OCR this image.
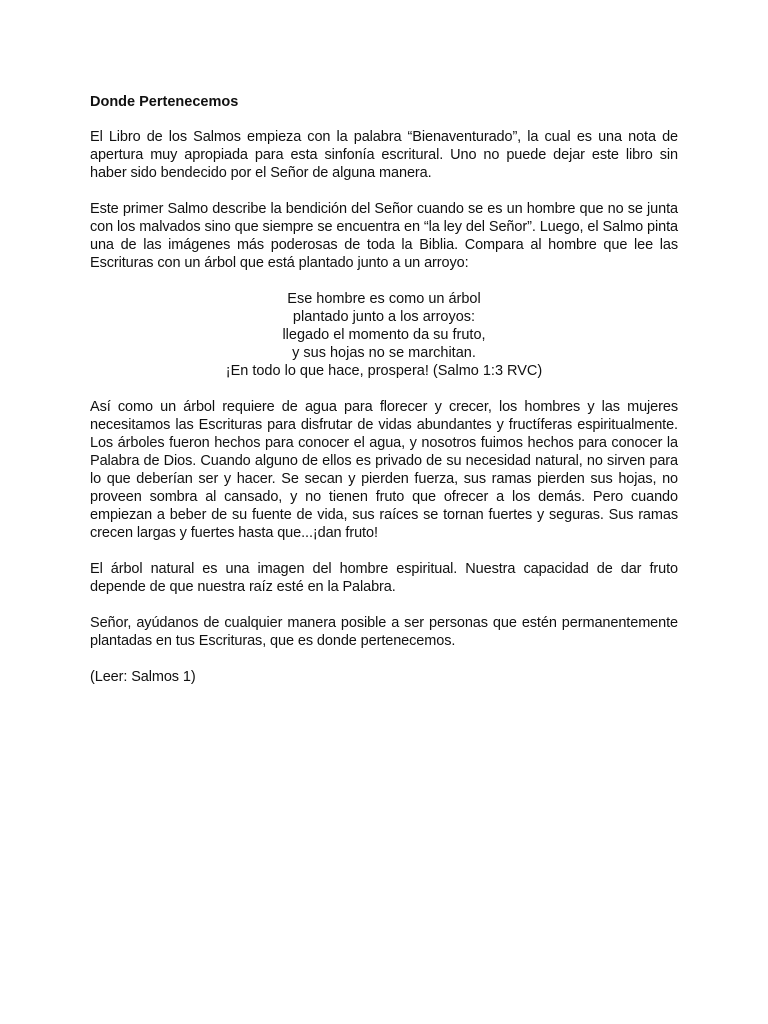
Donde Pertenecemos

El Libro de los Salmos empieza con la palabra “Bienaventurado”, la cual es una nota de apertura muy apropiada para esta sinfonía escritural. Uno no puede dejar este libro sin haber sido bendecido por el Señor de alguna manera.

Este primer Salmo describe la bendición del Señor cuando se es un hombre que no se junta con los malvados sino que siempre se encuentra en “la ley del Señor”. Luego, el Salmo pinta una de las imágenes más poderosas de toda la Biblia. Compara al hombre que lee las Escrituras con un árbol que está plantado junto a un arroyo:

Ese hombre es como un árbol
plantado junto a los arroyos:
llegado el momento da su fruto,
y sus hojas no se marchitan.
¡En todo lo que hace, prospera! (Salmo 1:3 RVC)

Así como un árbol requiere de agua para florecer y crecer, los hombres y las mujeres necesitamos las Escrituras para disfrutar de vidas abundantes y fructíferas espiritualmente. Los árboles fueron hechos para conocer el agua, y nosotros fuimos hechos para conocer la Palabra de Dios. Cuando alguno de ellos es privado de su necesidad natural, no sirven para lo que deberían ser y hacer. Se secan y pierden fuerza, sus ramas pierden sus hojas, no proveen sombra al cansado, y no tienen fruto que ofrecer a los demás. Pero cuando empiezan a beber de su fuente de vida, sus raíces se tornan fuertes y seguras. Sus ramas crecen largas y fuertes hasta que...¡dan fruto!

El árbol natural es una imagen del hombre espiritual. Nuestra capacidad de dar fruto depende de que nuestra raíz esté en la Palabra.

Señor, ayúdanos de cualquier manera posible a ser personas que estén permanentemente plantadas en tus Escrituras, que es donde pertenecemos.

(Leer: Salmos 1)
